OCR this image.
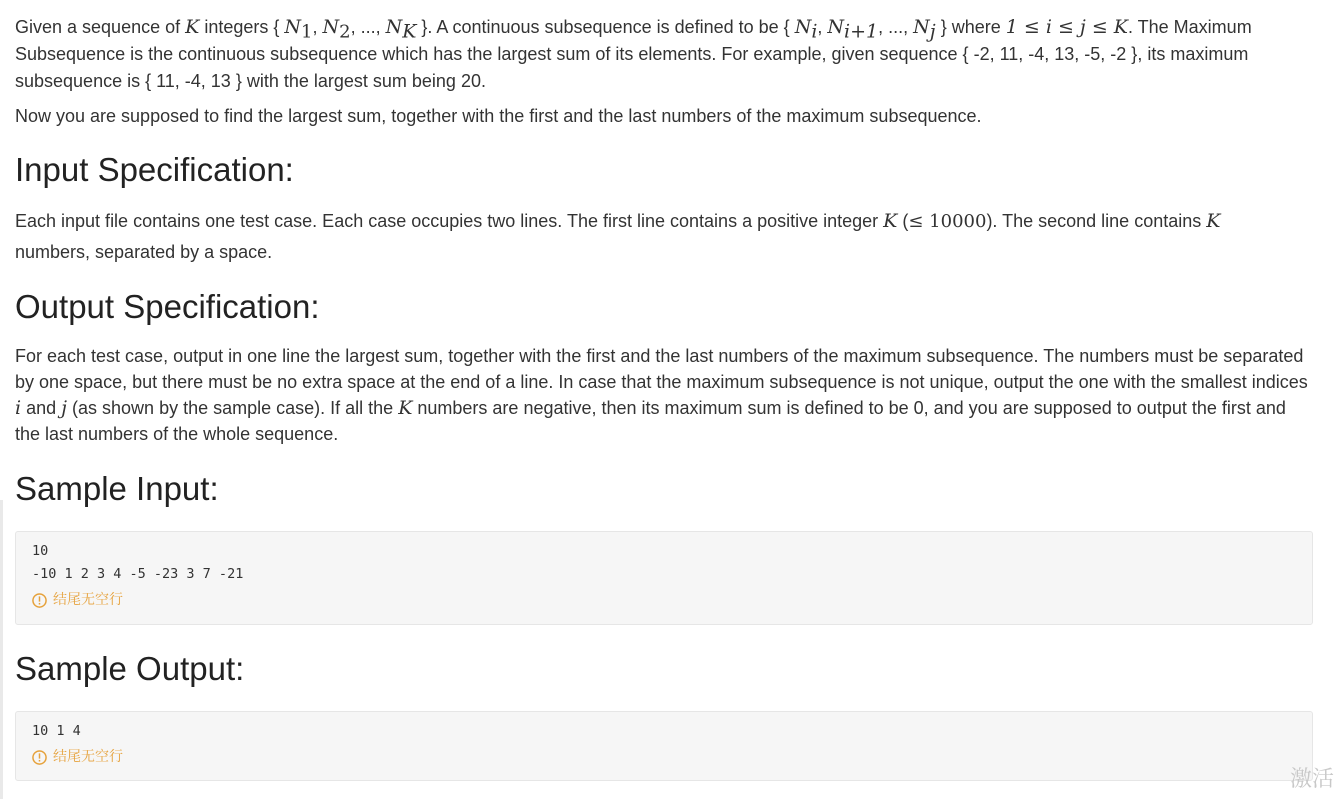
Given a sequence of K integers { $N_1$, $N_2$, ..., $N_K$ }. A continuous subsequence is defined to be { $N_i$, $N_{i+1}$, ..., $N_j$ } where 1 ≤ i ≤ j ≤ K. The Maximum Subsequence is the continuous subsequence which has the largest sum of its elements. For example, given sequence { -2, 11, -4, 13, -5, -2 }, its maximum subsequence is { 11, -4, 13 } with the largest sum being 20.

Now you are supposed to find the largest sum, together with the first and the last numbers of the maximum subsequence.

Input Specification:

Each input file contains one test case. Each case occupies two lines. The first line contains a positive integer K (≤ 10000). The second line contains K
numbers, separated by a space.

Output Specification:

For each test case, output in one line the largest sum, together with the first and the last numbers of the maximum subsequence. The numbers must be separated by one space, but there must be no extra space at the end of a line. In case that the maximum subsequence is not unique, output the one with the smallest indices i and j (as shown by the sample case). If all the K numbers are negative, then its maximum sum is defined to be 0, and you are supposed to output the first and the last numbers of the whole sequence.

Sample Input:
10
-10 1 2 3 4 -5 -23 3 7 -21
结尾无空行
Sample Output:
10 1 4
结尾无空行
激活
